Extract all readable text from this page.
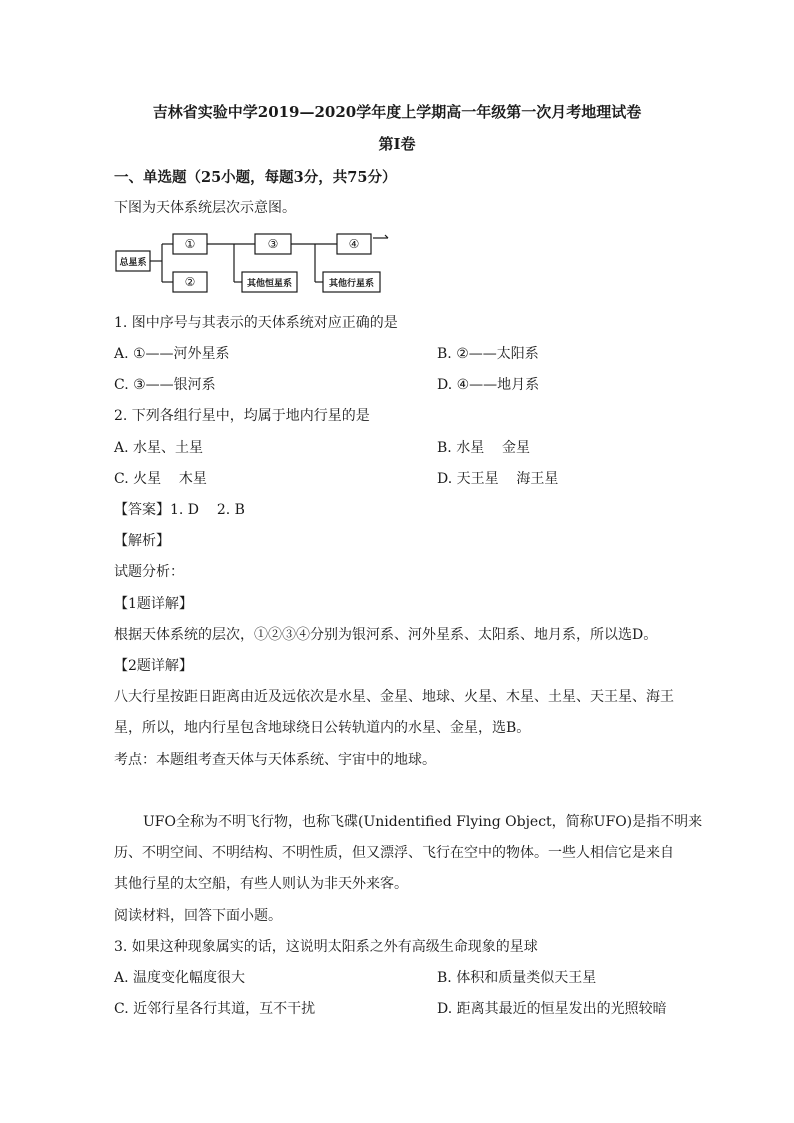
吉林省实验中学2019—2020学年度上学期高一年级第一次月考地理试卷
第Ⅰ卷
一、单选题（25小题，每题3分，共75分）
下图为天体系统层次示意图。
总星系
①
②
③	④
其他恒星系	其他行星系
1. 图中序号与其表示的天体系统对应正确的是
A. ①——河外星系	B. ②——太阳系
C. ③——银河系	D. ④——地月系
2. 下列各组行星中，均属于地内行星的是
A. 水星、土星	B. 水星    金星
C. 火星    木星	D. 天王星    海王星
【答案】1. D    2. B
【解析】
试题分析：
【1题详解】
根据天体系统的层次，①②③④分别为银河系、河外星系、太阳系、地月系，所以选D。
【2题详解】
八大行星按距日距离由近及远依次是水星、金星、地球、火星、木星、土星、天王星、海王
星，所以，地内行星包含地球绕日公转轨道内的水星、金星，选B。
考点：本题组考查天体与天体系统、宇宙中的地球。

UFO全称为不明飞行物，也称飞碟(Unidentified Flying Object，简称UFO)是指不明来
历、不明空间、不明结构、不明性质，但又漂浮、飞行在空中的物体。一些人相信它是来自
其他行星的太空船，有些人则认为非天外来客。
阅读材料，回答下面小题。
3. 如果这种现象属实的话，这说明太阳系之外有高级生命现象的星球
A. 温度变化幅度很大	B. 体积和质量类似天王星
C. 近邻行星各行其道，互不干扰	D. 距离其最近的恒星发出的光照较暗
